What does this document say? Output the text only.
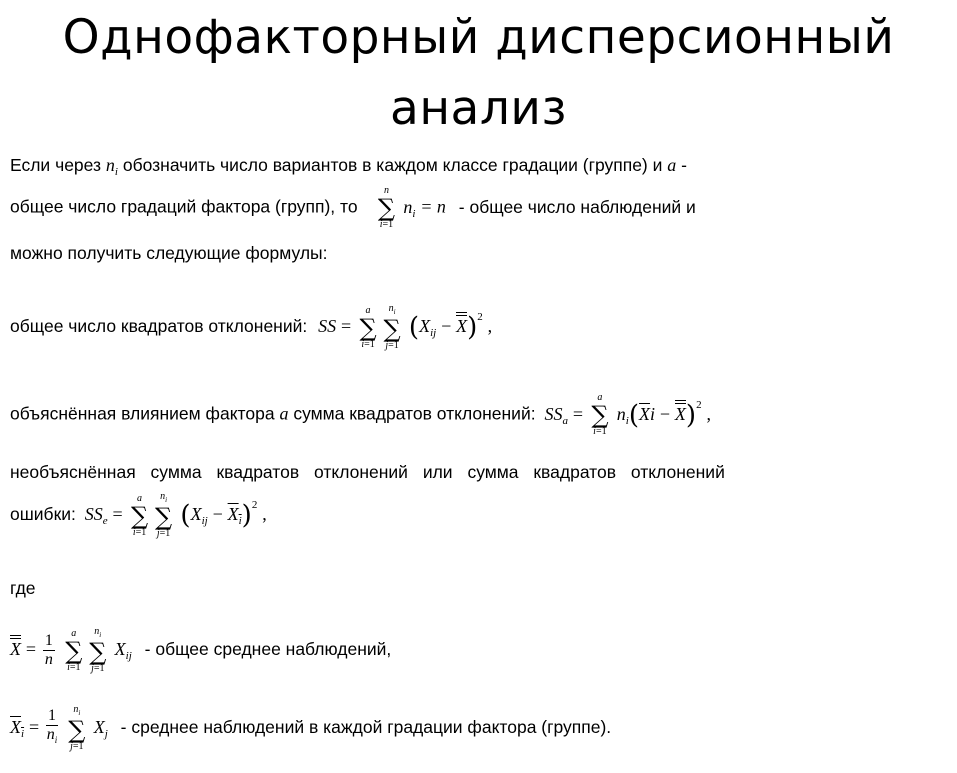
Однофакторный дисперсионный
анализ
Если через $n_i$ обозначить число вариантов в каждом классе градации (группе) и a -
общее число градаций фактора (групп), то
n
∑
i=1
$n_i = n$ - общее число наблюдений и
можно получить следующие формулы:
общее число квадратов отклонений: SS =
a
∑
i=1
$n_i$
∑
j=1
$(X_{ij} - X)^2$ ,
объяснённая влиянием фактора a сумма квадратов отклонений: $SS_a$ =
a
∑
i=1
$n_i(\overline{X}i - X)^2$ ,
необъяснённая сумма квадратов отклонений или сумма квадратов отклонений
ошибки: $SS_e$ =
a
∑
i=1
$n_i$
∑
j=1
$(X_{ij} - X_i)^2$ ,
где
$X = \frac{1}{n}$
	a
∑
i=1
$n_i$
∑
j=1
$X_{ij}$ - общее среднее наблюдений,
$X_i = \frac{1}{n_i}$
	$n_i$
∑
j=1
$X_j$ - среднее наблюдений в каждой градации фактора (группе).
